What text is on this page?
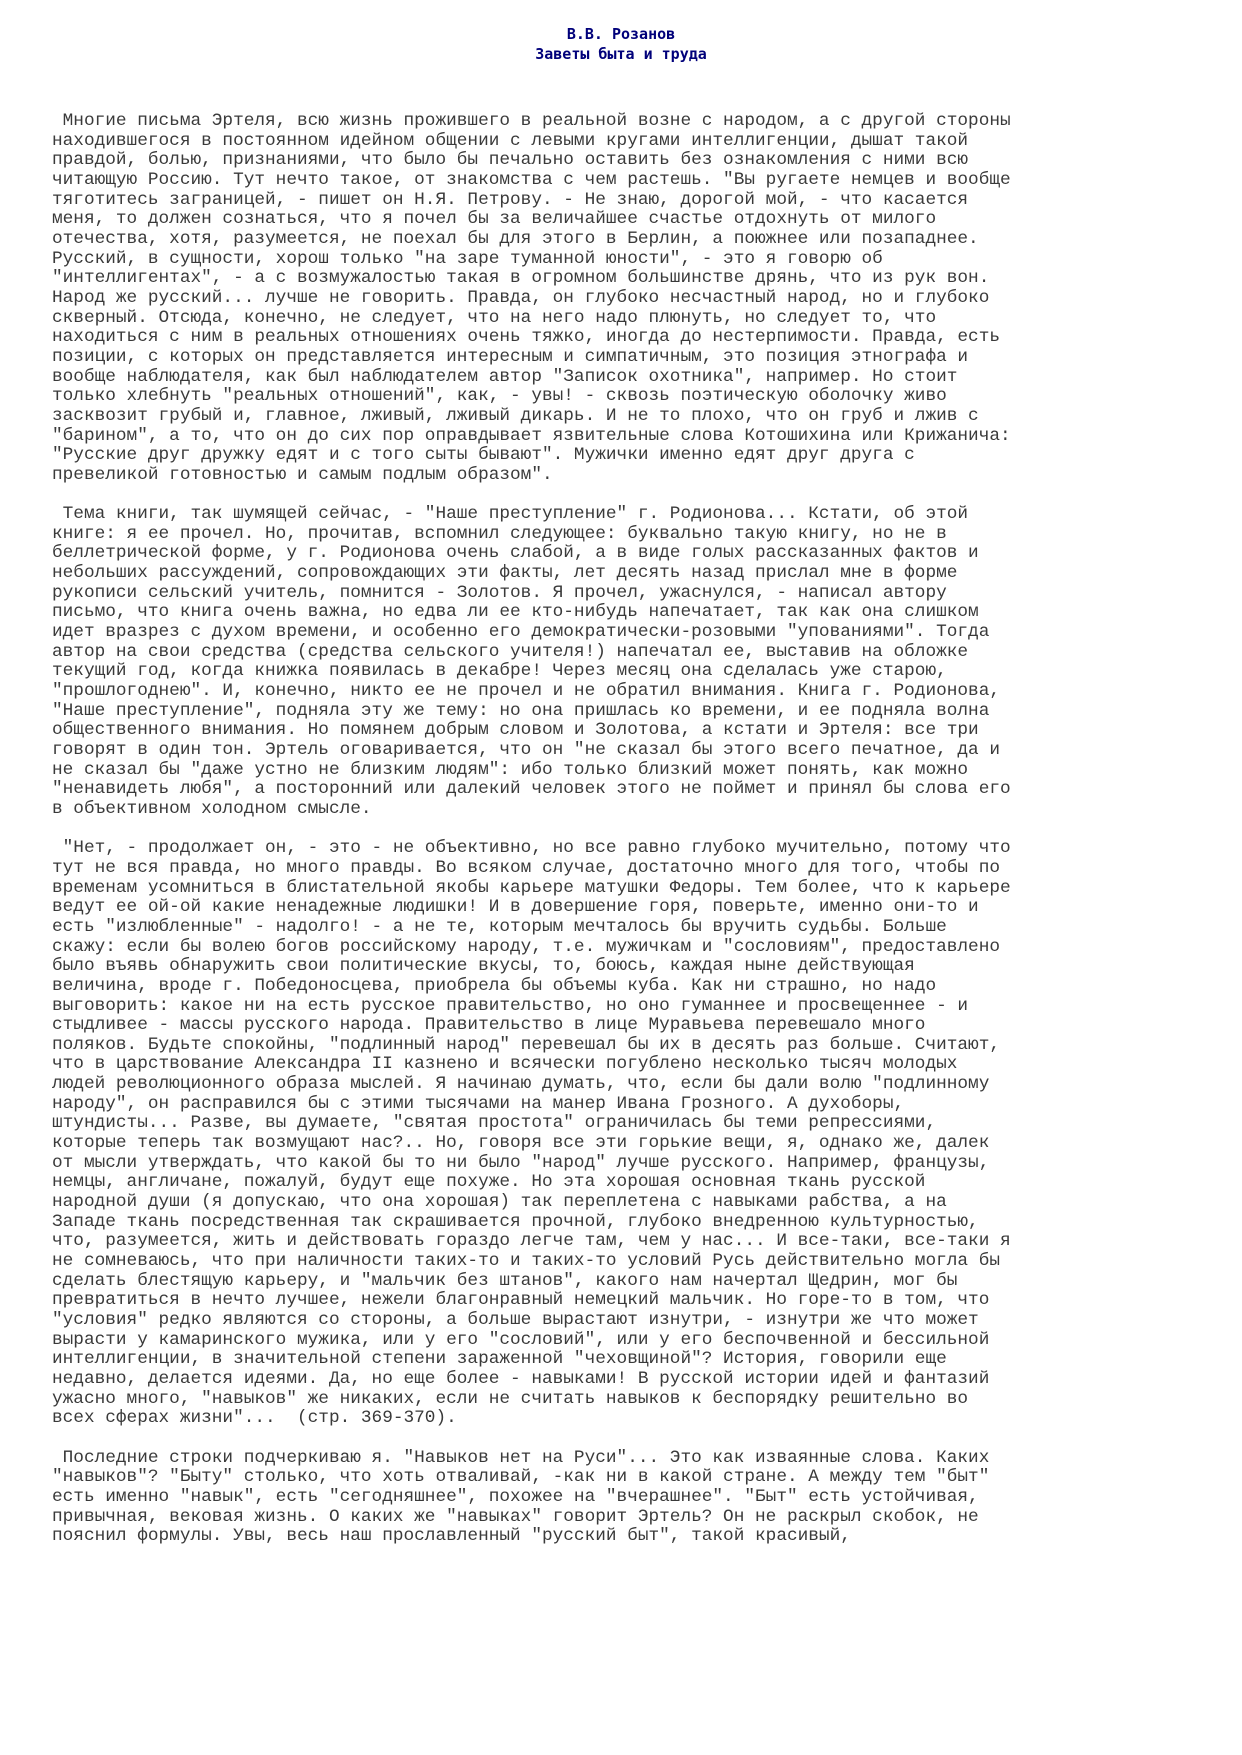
В.В. Розанов
Заветы быта и труда
Многие письма Эртеля, всю жизнь прожившего в реальной возне с народом, а с другой стороны
находившегося в постоянном идейном общении с левыми кругами интеллигенции, дышат такой
правдой, болью, признаниями, что было бы печально оставить без ознакомления с ними всю
читающую Россию. Тут нечто такое, от знакомства с чем растешь. "Вы ругаете немцев и вообще
тяготитесь заграницей, - пишет он Н.Я. Петрову. - Не знаю, дорогой мой, - что касается
меня, то должен сознаться, что я почел бы за величайшее счастье отдохнуть от милого
отечества, хотя, разумеется, не поехал бы для этого в Берлин, а поюжнее или позападнее.
Русский, в сущности, хорош только "на заре туманной юности", - это я говорю об
"интеллигентах", - а с возмужалостью такая в огромном большинстве дрянь, что из рук вон.
Народ же русский... лучше не говорить. Правда, он глубоко несчастный народ, но и глубоко
скверный. Отсюда, конечно, не следует, что на него надо плюнуть, но следует то, что
находиться с ним в реальных отношениях очень тяжко, иногда до нестерпимости. Правда, есть
позиции, с которых он представляется интересным и симпатичным, это позиция этнографа и
вообще наблюдателя, как был наблюдателем автор "Записок охотника", например. Но стоит
только хлебнуть "реальных отношений", как, - увы! - сквозь поэтическую оболочку живо
засквозит грубый и, главное, лживый, лживый дикарь. И не то плохо, что он груб и лжив с
"барином", а то, что он до сих пор оправдывает язвительные слова Котошихина или Крижанича:
"Русские друг дружку едят и с того сыты бывают". Мужички именно едят друг друга с
превеликой готовностью и самым подлым образом".
Тема книги, так шумящей сейчас, - "Наше преступление" г. Родионова... Кстати, об этой
книге: я ее прочел. Но, прочитав, вспомнил следующее: буквально такую книгу, но не в
беллетрической форме, у г. Родионова очень слабой, а в виде голых рассказанных фактов и
небольших рассуждений, сопровождающих эти факты, лет десять назад прислал мне в форме
рукописи сельский учитель, помнится - Золотов. Я прочел, ужаснулся, - написал автору
письмо, что книга очень важна, но едва ли ее кто-нибудь напечатает, так как она слишком
идет вразрез с духом времени, и особенно его демократически-розовыми "упованиями". Тогда
автор на свои средства (средства сельского учителя!) напечатал ее, выставив на обложке
текущий год, когда книжка появилась в декабре! Через месяц она сделалась уже старою,
"прошлогоднею". И, конечно, никто ее не прочел и не обратил внимания. Книга г. Родионова,
"Наше преступление", подняла эту же тему: но она пришлась ко времени, и ее подняла волна
общественного внимания. Но помянем добрым словом и Золотова, а кстати и Эртеля: все три
говорят в один тон. Эртель оговаривается, что он "не сказал бы этого всего печатное, да и
не сказал бы "даже устно не близким людям": ибо только близкий может понять, как можно
"ненавидеть любя", а посторонний или далекий человек этого не поймет и принял бы слова его
в объективном холодном смысле.
"Нет, - продолжает он, - это - не объективно, но все равно глубоко мучительно, потому что
тут не вся правда, но много правды. Во всяком случае, достаточно много для того, чтобы по
временам усомниться в блистательной якобы карьере матушки Федоры. Тем более, что к карьере
ведут ее ой-ой какие ненадежные людишки! И в довершение горя, поверьте, именно они-то и
есть "излюбленные" - надолго! - а не те, которым мечталось бы вручить судьбы. Больше
скажу: если бы волею богов российскому народу, т.е. мужичкам и "сословиям", предоставлено
было въявь обнаружить свои политические вкусы, то, боюсь, каждая ныне действующая
величина, вроде г. Победоносцева, приобрела бы объемы куба. Как ни страшно, но надо
выговорить: какое ни на есть русское правительство, но оно гуманнее и просвещеннее - и
стыдливее - массы русского народа. Правительство в лице Муравьева перевешало много
поляков. Будьте спокойны, "подлинный народ" перевешал бы их в десять раз больше. Считают,
что в царствование Александра II казнено и всячески погублено несколько тысяч молодых
людей революционного образа мыслей. Я начинаю думать, что, если бы дали волю "подлинному
народу", он расправился бы с этими тысячами на манер Ивана Грозного. А духоборы,
штундисты... Разве, вы думаете, "святая простота" ограничилась бы теми репрессиями,
которые теперь так возмущают нас?.. Но, говоря все эти горькие вещи, я, однако же, далек
от мысли утверждать, что какой бы то ни было "народ" лучше русского. Например, французы,
немцы, англичане, пожалуй, будут еще похуже. Но эта хорошая основная ткань русской
народной души (я допускаю, что она хорошая) так переплетена с навыками рабства, а на
Западе ткань посредственная так скрашивается прочной, глубоко внедренною культурностью,
что, разумеется, жить и действовать гораздо легче там, чем у нас... И все-таки, все-таки я
не сомневаюсь, что при наличности таких-то и таких-то условий Русь действительно могла бы
сделать блестящую карьеру, и "мальчик без штанов", какого нам начертал Щедрин, мог бы
превратиться в нечто лучшее, нежели благонравный немецкий мальчик. Но горе-то в том, что
"условия" редко являются со стороны, а больше вырастают изнутри, - изнутри же что может
вырасти у камаринского мужика, или у его "сословий", или у его беспочвенной и бессильной
интеллигенции, в значительной степени зараженной "чеховщиной"? История, говорили еще
недавно, делается идеями. Да, но еще более - навыками! В русской истории идей и фантазий
ужасно много, "навыков" же никаких, если не считать навыков к беспорядку решительно во
всех сферах жизни"...  (стр. 369-370).
Последние строки подчеркиваю я. "Навыков нет на Руси"... Это как изваянные слова. Каких
"навыков"? "Быту" столько, что хоть отваливай, -как ни в какой стране. А между тем "быт"
есть именно "навык", есть "сегодняшнее", похожее на "вчерашнее". "Быт" есть устойчивая,
привычная, вековая жизнь. О каких же "навыках" говорит Эртель? Он не раскрыл скобок, не
пояснил формулы. Увы, весь наш прославленный "русский быт", такой красивый,
